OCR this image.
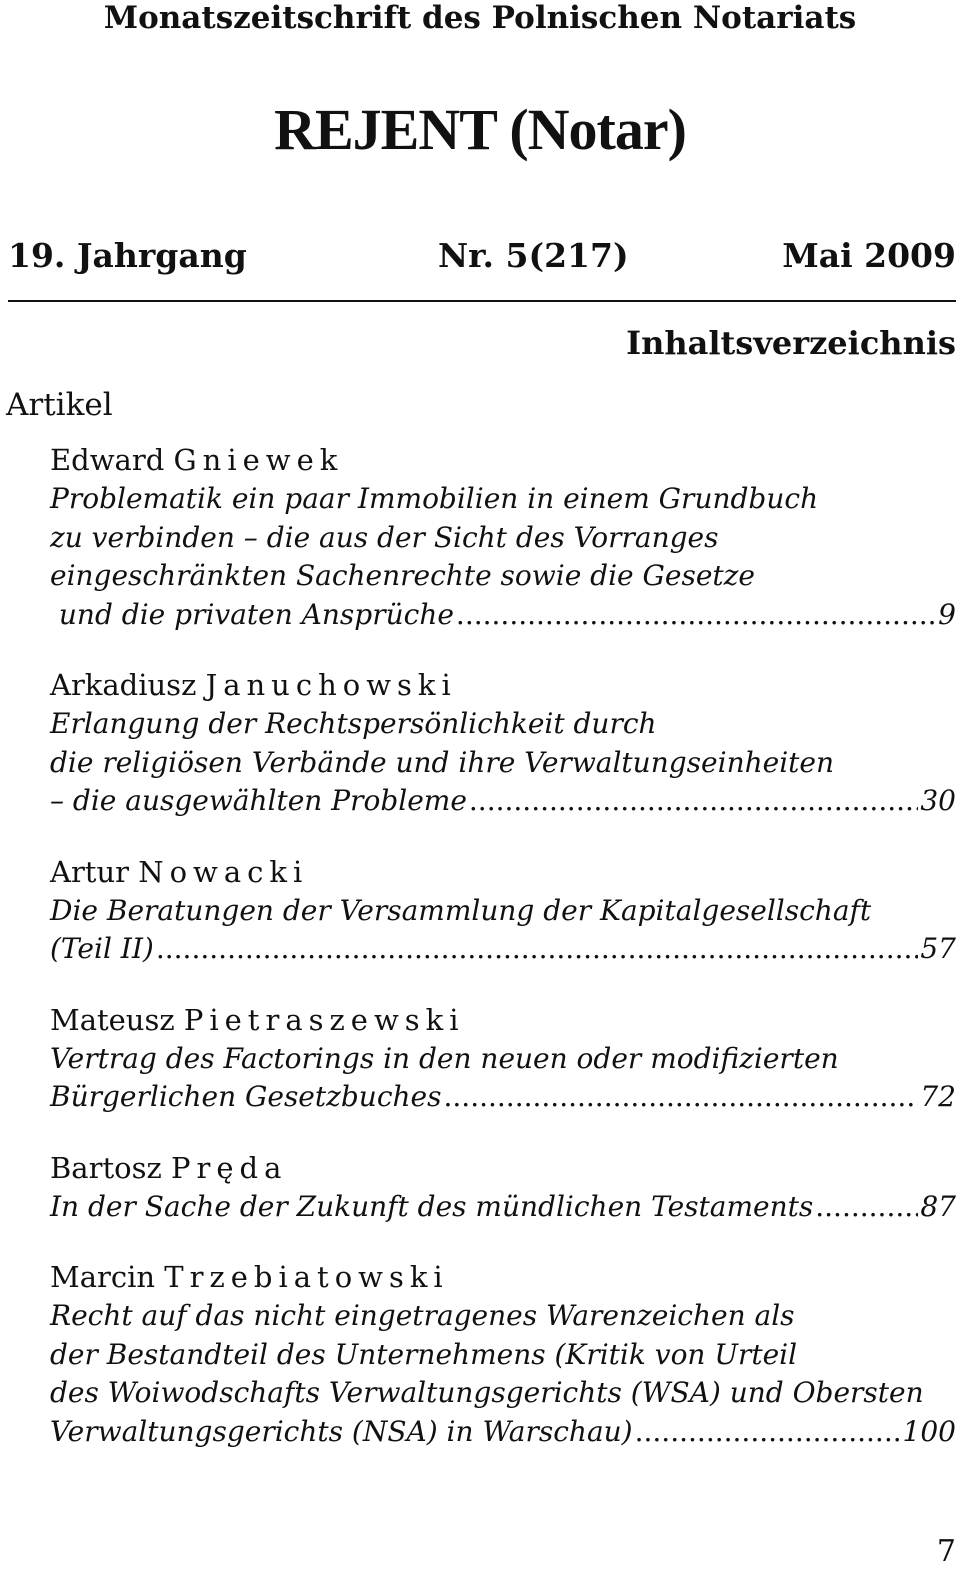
Monatszeitschrift des Polnischen Notariats
REJENT (Notar)
19. Jahrgang	Nr. 5(217)	Mai 2009
Inhaltsverzeichnis
Artikel
Edward Gniewek
Problematik ein paar Immobilien in einem Grundbuch
zu verbinden – die aus der Sicht des Vorranges
eingeschränkten Sachenrechte sowie die Gesetze
und die privaten Ansprüche .....	9
Arkadiusz Januchowski
Erlangung der Rechtspersönlichkeit durch
die religiösen Verbände und ihre Verwaltungseinheiten
– die ausgewählten Probleme .....	30
Artur Nowacki
Die Beratungen der Versammlung der Kapitalgesellschaft
(Teil II) .....	57
Mateusz Pietraszewski
Vertrag des Factorings in den neuen oder modifizierten
Bürgerlichen Gesetzbuches .....	72
Bartosz Pręda
In der Sache der Zukunft des mündlichen Testaments .....	87
Marcin Trzebiatowski
Recht auf das nicht eingetragenes Warenzeichen als
der Bestandteil des Unternehmens (Kritik von Urteil
des Woiwodschafts Verwaltungsgerichts (WSA) und Obersten
Verwaltungsgerichts (NSA) in Warschau) .....	100
7
